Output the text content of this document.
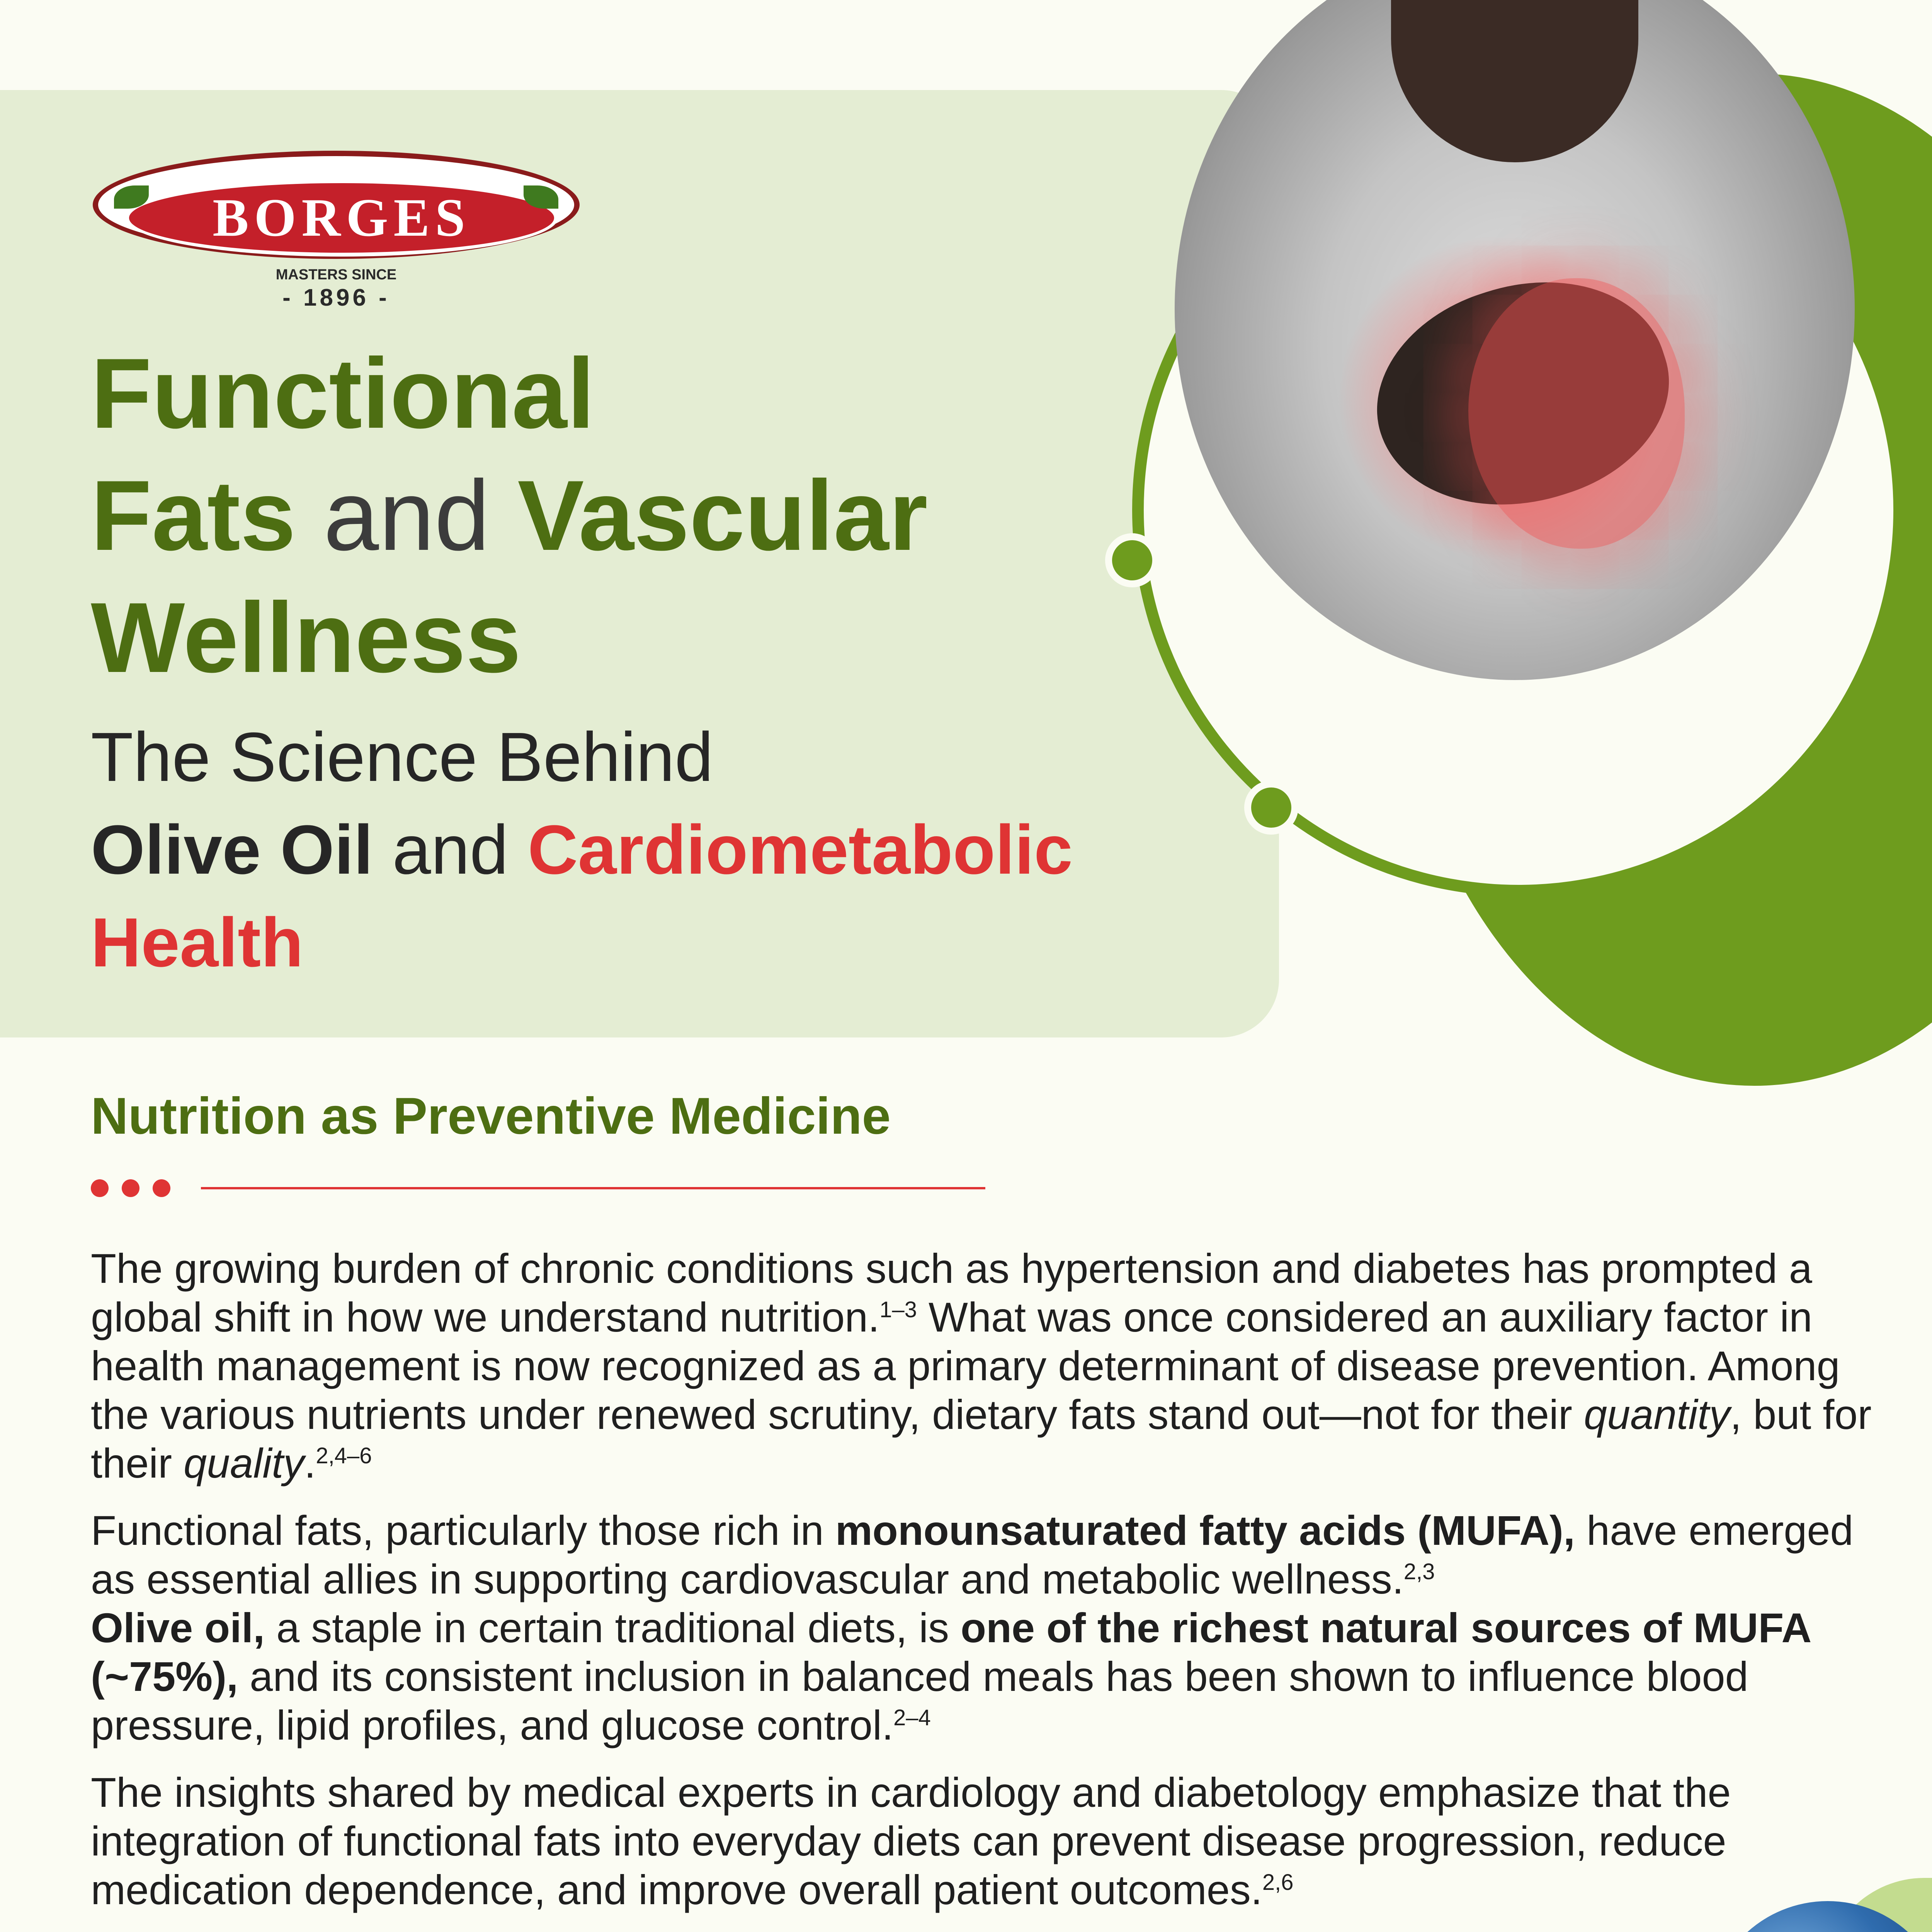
BORGES
MASTERS SINCE
- 1896 -
Functional
Fats and Vascular
Wellness
The Science Behind
Olive Oil and Cardiometabolic
Health
Nutrition as Preventive Medicine
The growing burden of chronic conditions such as hypertension and diabetes has prompted a global shift in how we understand nutrition.$^{1-3}$ What was once considered an auxiliary factor in health management is now recognized as a primary determinant of disease prevention. Among the various nutrients under renewed scrutiny, dietary fats stand out—not for their quantity, but for their quality.$^{2,4-6}$
Functional fats, particularly those rich in monounsaturated fatty acids (MUFA), have emerged as essential allies in supporting cardiovascular and metabolic wellness.$^{2,3}$
Olive oil, a staple in certain traditional diets, is one of the richest natural sources of MUFA (~75%), and its consistent inclusion in balanced meals has been shown to influence blood pressure, lipid profiles, and glucose control.$^{2-4}$
The insights shared by medical experts in cardiology and diabetology emphasize that the integration of functional fats into everyday diets can prevent disease progression, reduce medication dependence, and improve overall patient outcomes.$^{2,6}$
